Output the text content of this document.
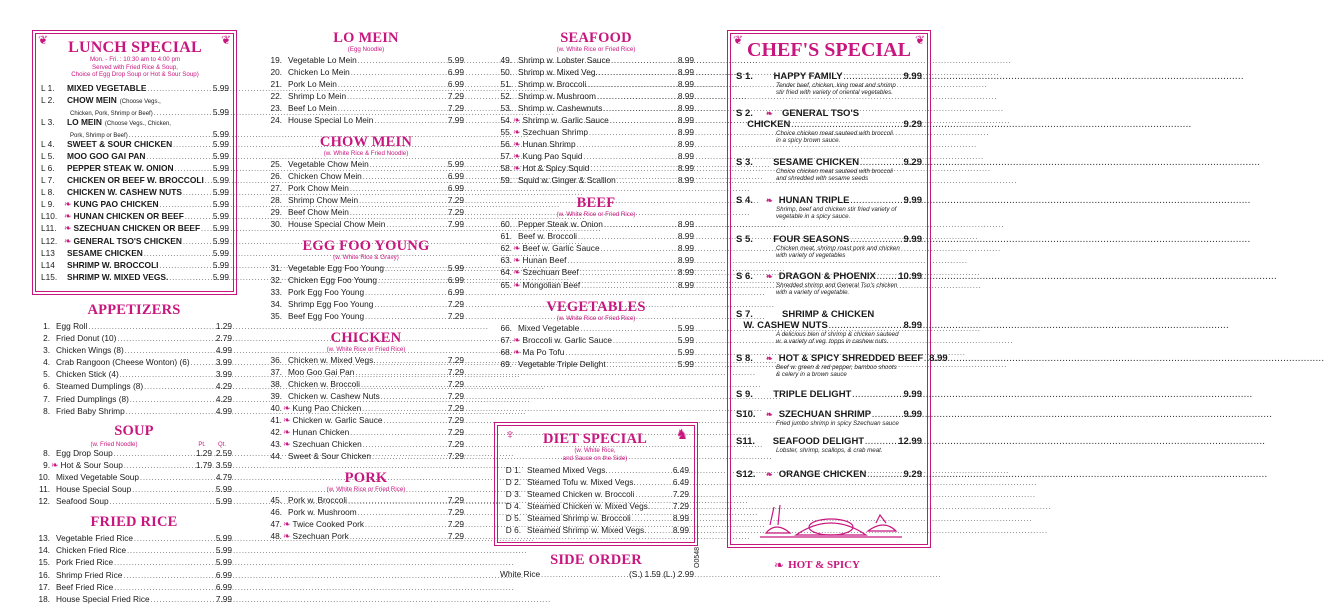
❦	❦
LUNCH SPECIAL
Mon. - Fri. : 10:30 am to 4:00 pm
Served with Fried Rice & Soup,
Choice of Egg Drop Soup or Hot & Sour Soup)
L 1.	MIXED VEGETABLE .....	5.99
L 2.	CHOW MEIN (Choose Vegs.,
Chicken, Pork, Shrimp or Beef) .....	5.99
L 3.	LO MEIN (Choose Vegs., Chicken,
Pork, Shrimp or Beef) .....	5.99
L 4.	SWEET & SOUR CHICKEN .....	5.99
L 5.	MOO GOO GAI PAN .....	5.99
L 6.	PEPPER STEAK W. ONION .....	5.99
L 7.	CHICKEN OR BEEF W. BROCCOLI ..... 5.99
L 8.	CHICKEN W. CASHEW NUTS .....	5.99
L 9.	❧ KUNG PAO CHICKEN .....	5.99
L10. ❧ HUNAN CHICKEN OR BEEF .....	5.99
L11. ❧ SZECHUAN CHICKEN OR BEEF ..... 5.99
L12. ❧ GENERAL TSO'S CHICKEN .....	5.99
L13	SESAME CHICKEN .....	5.99
L14	SHRIMP W. BROCCOLI .....	5.99
L15.	SHRIMP W. MIXED VEGS. .....	5.99
APPETIZERS
1. Egg Roll .....	1.29
2. Fried Donut (10) .....	2.79
3. Chicken Wings (8) .....	4.99
4. Crab Rangoon (Cheese Wonton) (6) .....	3.99
5. Chicken Stick (4) .....	3.99
6. Steamed Dumplings (8) .....	4.29
7. Fried Dumplings (8) .....	4.29
8. Fried Baby Shrimp .....	4.99
SOUP
(w. Fried Noodle)	Pt.	Qt.
8. Egg Drop Soup .....	1.29 2.59
9. ❧ Hot & Sour Soup .....	1.79 3.59
10. Mixed Vegetable Soup .....	4.79
11. House Special Soup .....	5.99
12. Seafood Soup .....	5.99
FRIED RICE
13. Vegetable Fried Rice .....	5.99
14. Chicken Fried Rice .....	5.99
15. Pork Fried Rice .....	5.99
16. Shrimp Fried Rice .....	6.99
17. Beef Fried Rice .....	6.99
18. House Special Fried Rice .....	7.99
LO MEIN
(Egg Noodle)
19. Vegetable Lo Mein .....	5.99
20. Chicken Lo Mein .....	6.99
21. Pork Lo Mein .....	6.99
22. Shrimp Lo Mein .....	7.29
23. Beef Lo Mein .....	7.29
24. House Special Lo Mein .....	7.99
CHOW MEIN
(w. White Rice & Fried Noodle)
25. Vegetable Chow Mein .....	5.99
26. Chicken Chow Mein .....	6.99
27. Pork Chow Mein .....	6.99
28. Shrimp Chow Mein .....	7.29
29. Beef Chow Mein .....	7.29
30. House Special Chow Mein .....	7.99
EGG FOO YOUNG
(w. White Rice & Gravy)
31. Vegetable Egg Foo Young .....	5.99
32. Chicken Egg Foo Young .....	6.99
33. Pork Egg Foo Young .....	6.99
34. Shrimp Egg Foo Young .....	7.29
35. Beef Egg Foo Young .....	7.29
CHICKEN
(w. White Rice or Fried Rice)
36. Chicken w. Mixed Vegs. .....	7.29
37. Moo Goo Gai Pan .....	7.29
38. Chicken w. Broccoli .....	7.29
39. Chicken w. Cashew Nuts .....	7.29
40. ❧ Kung Pao Chicken .....	7.29
41. ❧ Chicken w. Garlic Sauce .....	7.29
42. ❧ Hunan Chicken .....	7.29
43. ❧ Szechuan Chicken .....	7.29
44. Sweet & Sour Chicken .....	7.29
PORK
(w. White Rice or Fried Rice)
45. Pork w. Broccoli .....	7.29
46. Pork w. Mushroom .....	7.29
47. ❧ Twice Cooked Pork .....	7.29
48. ❧ Szechuan Pork .....	7.29
SEAFOOD
(w. White Rice or Fried Rice)
49. Shrimp w. Lobster Sauce .....	8.99
50. Shrimp w. Mixed Veg. .....	8.99
51. Shrimp w. Broccoli .....	8.99
52. Shrimp w. Mushroom .....	8.99
53. Shrimp w. Cashewnuts .....	8.99
54. ❧ Shrimp w. Garlic Sauce .....	8.99
55. ❧ Szechuan Shrimp .....	8.99
56. ❧ Hunan Shrimp .....	8.99
57. ❧ Kung Pao Squid .....	8.99
58. ❧ Hot & Spicy Squid .....	8.99
59. Squid w. Ginger & Scallion .....	8.99
BEEF
(w. White Rice or Fried Rice)
60. Pepper Steak w. Onion .....	8.99
61. Beef w. Broccoli .....	8.99
62. ❧ Beef w. Garlic Sauce .....	8.99
63. ❧ Hunan Beef .....	8.99
64. ❧ Szechuan Beef .....	8.99
65. ❧ Mongolian Beef .....	8.99
VEGETABLES
(w. White Rice or Fried Rice)
66. Mixed Vegetable .....	5.99
67. ❧ Broccoli w. Garlic Sauce .....	5.99
68. ❧ Ma Po Tofu .....	5.99
69. Vegetable Triple Delight .....	5.99
♆	♞
DIET SPECIAL
(w. White Rice,
and Sauce on the Side)
D 1. Steamed Mixed Vegs. .....	6.49
D 2. Steamed Tofu w. Mixed Vegs. .....	6.49
D 3. Steamed Chicken w. Broccoli .....	7.29
D 4. Steamed Chicken w. Mixed Vegs. .....	7.29
D 5. Steamed Shrimp w. Broccoli .....	8.99
D 6. Steamed Shrimp w. Mixed Vegs. .....	8.99
SIDE ORDER
White Rice .....	(S.) 1.59 (L.) 2.99
O0548
❦	❦
CHEF'S SPECIAL
S 1.	HAPPY FAMILY .....	9.99
Tender beef, chicken, king meat and shrimp
stir fried with variety of oriental vegetables.
S 2.	❧ GENERAL TSO'S
CHICKEN .....	9.29
Choice chicken meat sauteed with broccoli
in a spicy brown sauce.
S 3.	SESAME CHICKEN .....	9.29
Choice chicken meat sauteed with broccoli
and shredded with sesame seeds
S 4.	❧ HUNAN TRIPLE .....	9.99
Shrimp, beef and chicken stir fried variety of
vegetable in a spicy sauce.
S 5.	FOUR SEASONS .....	9.99
Chicken meat, shrimp roast pork and chicken
with variety of vegetables
S 6.	❧ DRAGON & PHOENIX ..... 10.99
Shredded shrimp and General Tso's chicken
with a variety of vegetable.
S 7.	SHRIMP & CHICKEN
W. CASHEW NUTS .....	8.99
A delicious blen of shrimp & chicken sauteed
w. a variety of veg. topps in cashew nuts.
S 8.	❧ HOT & SPICY SHREDDED BEEF ..... 8.99
Beef w. green & red pepper, bamboo shoots
& celery in a brown sauce
S 9.	TRIPLE DELIGHT .....	9.99
S10.	❧ SZECHUAN SHRIMP .....	9.99
Fried jumbo shrimp in spicy Szechuan sauce
S11.	SEAFOOD DELIGHT .....	12.99
Lobster, shrimp, scallops, & crab meat.
S12.	❧ ORANGE CHICKEN .....	9.29
❧ HOT & SPICY
